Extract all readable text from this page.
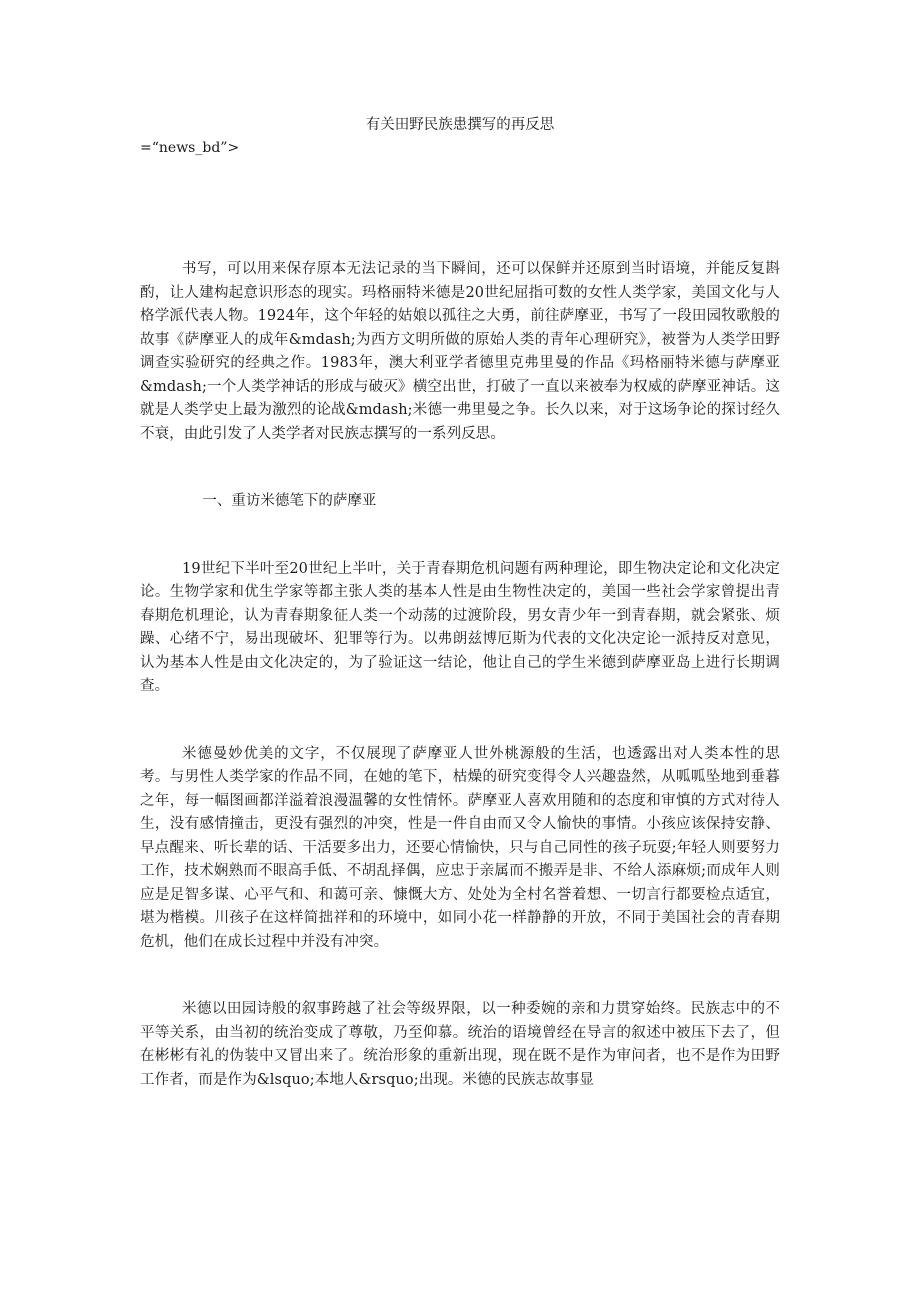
有关田野民族患撰写的再反思
=“news_bd”>

书写，可以用来保存原本无法记录的当下瞬间，还可以保鲜并还原到当时语境，并能反复斟酌，让人建构起意识形态的现实。玛格丽特米德是20世纪屈指可数的女性人类学家，美国文化与人格学派代表人物。1924年，这个年轻的姑娘以孤往之大勇，前往萨摩亚，书写了一段田园牧歌般的故事《萨摩亚人的成年&mdash;为西方文明所做的原始人类的青年心理研究》，被誉为人类学田野调查实验研究的经典之作。1983年，澳大利亚学者德里克弗里曼的作品《玛格丽特米德与萨摩亚&mdash;一个人类学神话的形成与破灭》横空出世，打破了一直以来被奉为权威的萨摩亚神话。这就是人类学史上最为激烈的论战&mdash;米德一弗里曼之争。长久以来，对于这场争论的探讨经久不衰，由此引发了人类学者对民族志撰写的一系列反思。

一、重访米德笔下的萨摩亚

19世纪下半叶至20世纪上半叶，关于青春期危机问题有两种理论，即生物决定论和文化决定论。生物学家和优生学家等都主张人类的基本人性是由生物性决定的，美国一些社会学家曾提出青春期危机理论，认为青春期象征人类一个动荡的过渡阶段，男女青少年一到青春期，就会紧张、烦躁、心绪不宁，易出现破坏、犯罪等行为。以弗朗兹博厄斯为代表的文化决定论一派持反对意见，认为基本人性是由文化决定的，为了验证这一结论，他让自己的学生米德到萨摩亚岛上进行长期调查。

米德曼妙优美的文字，不仅展现了萨摩亚人世外桃源般的生活，也透露出对人类本性的思考。与男性人类学家的作品不同，在她的笔下，枯燥的研究变得令人兴趣盎然，从呱呱坠地到垂暮之年，每一幅图画都洋溢着浪漫温馨的女性情怀。萨摩亚人喜欢用随和的态度和审慎的方式对待人生，没有感情撞击，更没有强烈的冲突，性是一件自由而又令人愉快的事情。小孩应该保持安静、早点醒来、听长辈的话、干活要多出力，还要心情愉快，只与自己同性的孩子玩耍;年轻人则要努力工作，技术娴熟而不眼高手低、不胡乱择偶，应忠于亲属而不搬弄是非、不给人添麻烦;而成年人则应是足智多谋、心平气和、和蔼可亲、慷慨大方、处处为全村名誉着想、一切言行都要检点适宜，堪为楷模。川孩子在这样简拙祥和的环境中，如同小花一样静静的开放，不同于美国社会的青春期危机，他们在成长过程中并没有冲突。

米德以田园诗般的叙事跨越了社会等级界限，以一种委婉的亲和力贯穿始终。民族志中的不平等关系，由当初的统治变成了尊敬，乃至仰慕。统治的语境曾经在导言的叙述中被压下去了，但在彬彬有礼的伪装中又冒出来了。统治形象的重新出现，现在既不是作为审问者，也不是作为田野工作者，而是作为&lsquo;本地人&rsquo;出现。米德的民族志故事显
